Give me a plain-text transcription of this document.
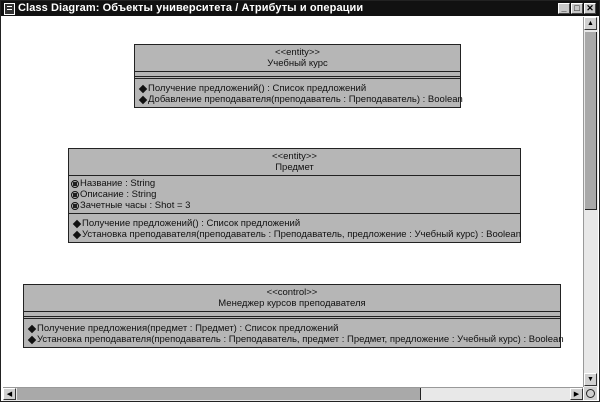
Class Diagram: Объекты университета / Атрибуты и операции	_ □ ✕
<<entity>>
Учебный курс
Получение предложений() : Список предложений
Добавление преподавателя(преподаватель : Преподаватель) : Boolean
<<entity>>
Предмет
Название : String
Описание : String
Зачетные часы : Shot = 3
Получение предложений() : Список предложений
Установка преподавателя(преподаватель : Преподаватель, предложение : Учебный курс) : Boolean
<<control>>
Менеджер курсов преподавателя
Получение предложения(предмет : Предмет) : Список предложений
Установка преподавателя(преподаватель : Преподаватель, предмет : Предмет, предложение : Учебный курс) : Boolean
▲
▼
◀	▶
